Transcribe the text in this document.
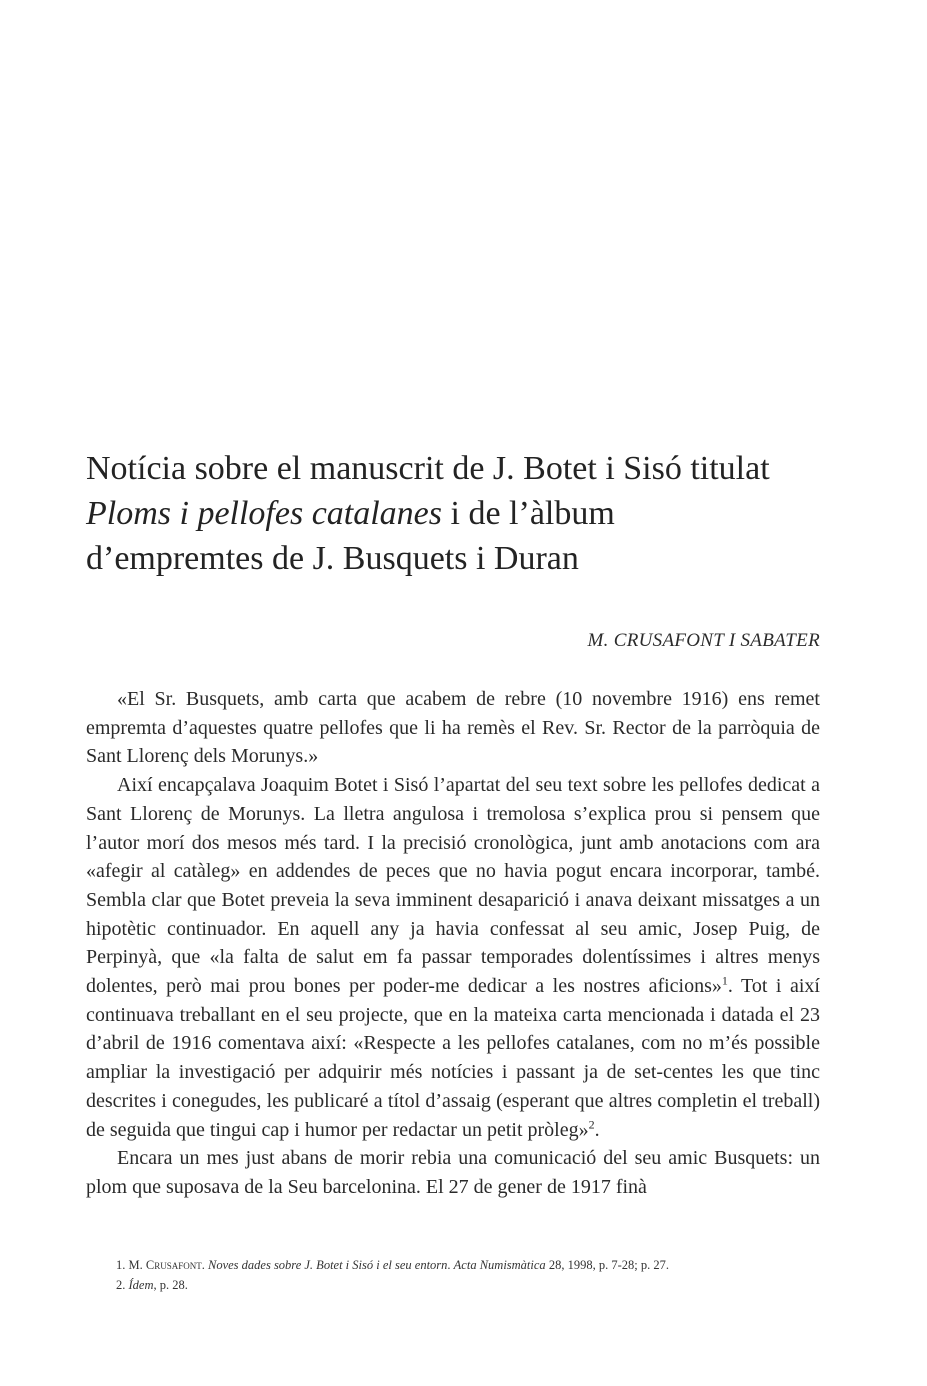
Notícia sobre el manuscrit de J. Botet i Sisó titulat
Ploms i pellofes catalanes i de l’àlbum
d’empremtes de J. Busquets i Duran
M. CRUSAFONT I SABATER

«El Sr. Busquets, amb carta que acabem de rebre (10 novembre 1916) ens remet empremta d’aquestes quatre pellofes que li ha remès el Rev. Sr. Rector de la parròquia de Sant Llorenç dels Morunys.»

Així encapçalava Joaquim Botet i Sisó l’apartat del seu text sobre les pellofes dedicat a Sant Llorenç de Morunys. La lletra angulosa i tremolosa s’explica prou si pensem que l’autor morí dos mesos més tard. I la precisió cronològica, junt amb anotacions com ara «afegir al catàleg» en addendes de peces que no havia pogut encara incorporar, també. Sembla clar que Botet preveia la seva imminent desaparició i anava deixant missatges a un hipotètic continuador. En aquell any ja havia confessat al seu amic, Josep Puig, de Perpinyà, que «la falta de salut em fa passar temporades dolentíssimes i altres menys dolentes, però mai prou bones per poder-me dedicar a les nostres aficions»$^1$. Tot i així continuava treballant en el seu projecte, que en la mateixa carta mencionada i datada el 23 d’abril de 1916 comentava així: «Respecte a les pellofes catalanes, com no m’és possible ampliar la investigació per adquirir més notícies i passant ja de set-centes les que tinc descrites i conegudes, les publicaré a títol d’assaig (esperant que altres completin el treball) de seguida que tingui cap i humor per redactar un petit pròleg»$^2$.

Encara un mes just abans de morir rebia una comunicació del seu amic Busquets: un plom que suposava de la Seu barcelonina. El 27 de gener de 1917 finà

1. M. Crusafont. Noves dades sobre J. Botet i Sisó i el seu entorn. Acta Numismàtica 28, 1998, p. 7-28; p. 27.
2. Ídem, p. 28.
